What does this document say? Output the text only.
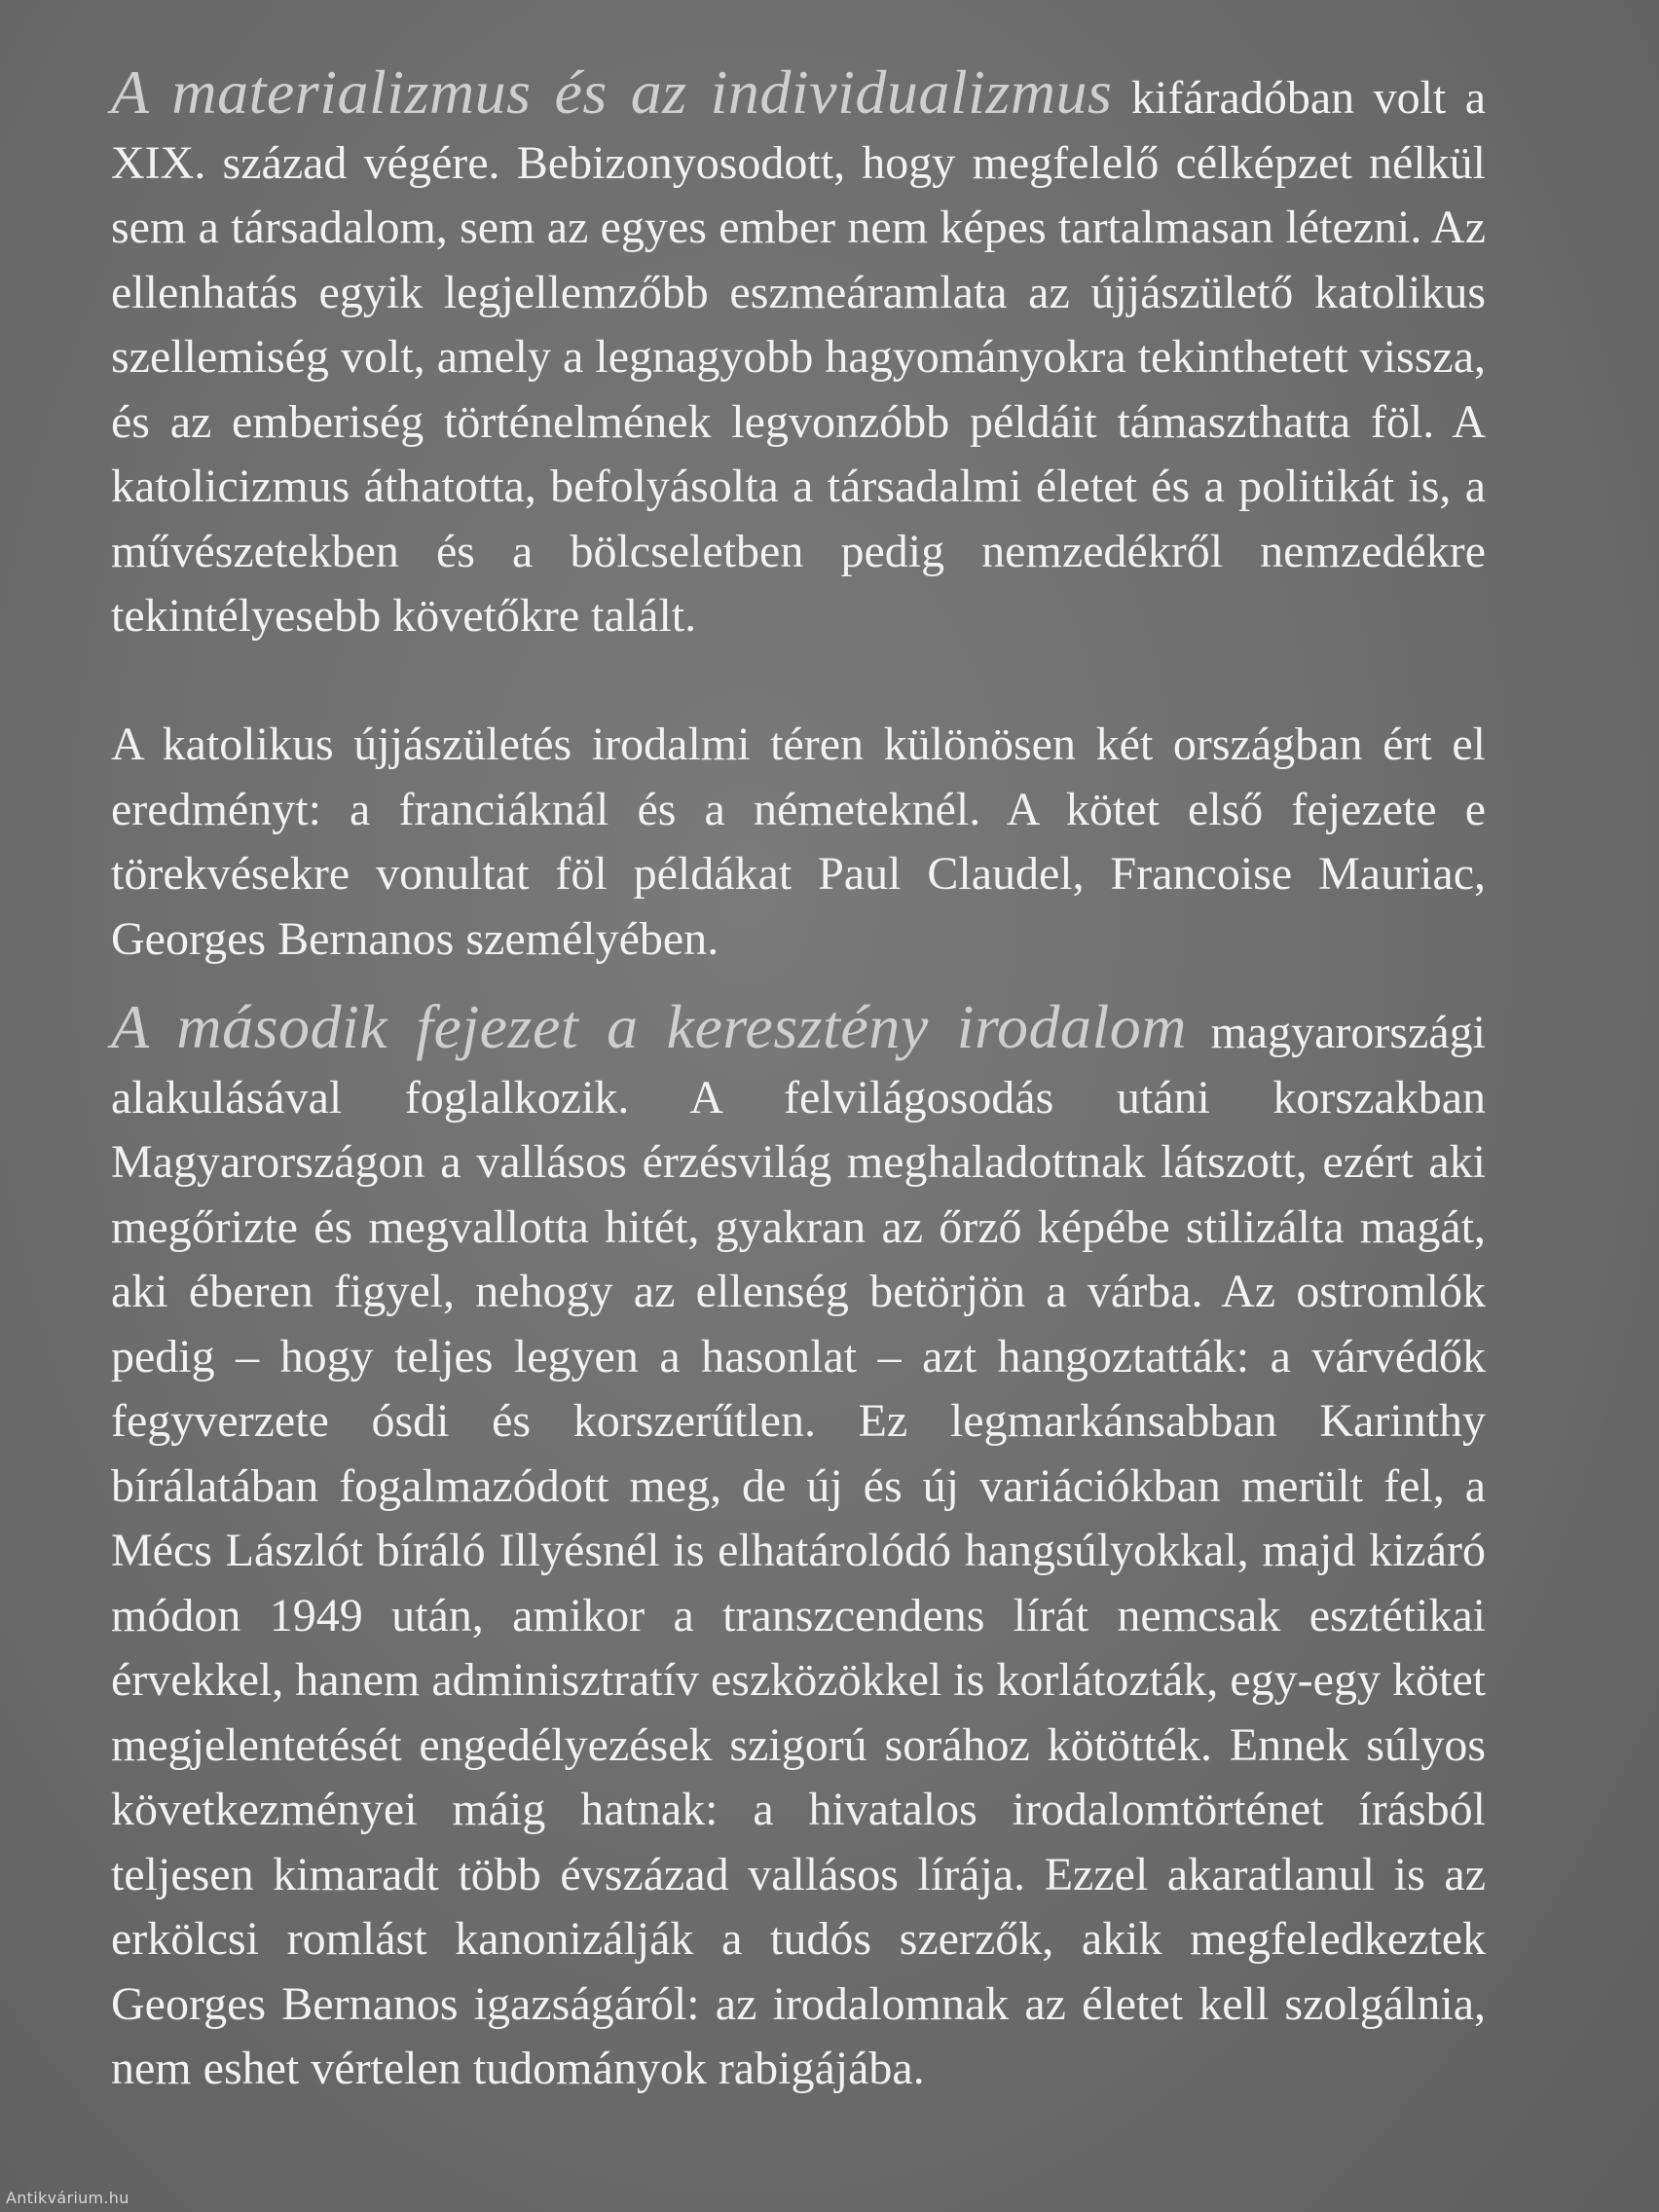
A materializmus és az individualizmus kifáradóban volt a XIX. század végére. Bebizonyosodott, hogy megfelelő célképzet nélkül sem a társadalom, sem az egyes ember nem képes tartalmasan létezni. Az ellenhatás egyik legjellemzőbb eszmeáramlata az újjászülető katolikus szellemiség volt, amely a legnagyobb hagyományokra tekinthetett vissza, és az emberiség történelmének legvonzóbb példáit támaszthatta föl. A katolicizmus áthatotta, befolyásolta a társadalmi életet és a politikát is, a művészetekben és a bölcseletben pedig nemzedékről nemzedékre tekintélyesebb követőkre talált.
A katolikus újjászületés irodalmi téren különösen két országban ért el eredményt: a franciáknál és a németeknél. A kötet első fejezete e törekvésekre vonultat föl példákat Paul Claudel, Francoise Mauriac, Georges Bernanos személyében.
A második fejezet a keresztény irodalom magyarországi alakulásával foglalkozik. A felvilágosodás utáni korszakban Magyarországon a vallásos érzésvilág meghaladottnak látszott, ezért aki megőrizte és megvallotta hitét, gyakran az őrző képébe stilizálta magát, aki éberen figyel, nehogy az ellenség betörjön a várba. Az ostromlók pedig – hogy teljes legyen a hasonlat – azt hangoztatták: a várvédők fegyverzete ósdi és korszerűtlen. Ez legmarkánsabban Karinthy bírálatában fogalmazódott meg, de új és új variációkban merült fel, a Mécs Lászlót bíráló Illyésnél is elhatárolódó hangsúlyokkal, majd kizáró módon 1949 után, amikor a transzcendens lírát nemcsak esztétikai érvekkel, hanem adminisztratív eszközökkel is korlátozták, egy-egy kötet megjelentetését engedélyezések szigorú sorához kötötték. Ennek súlyos következményei máig hatnak: a hivatalos irodalomtörténet írásból teljesen kimaradt több évszázad vallásos lírája. Ezzel akaratlanul is az erkölcsi romlást kanonizálják a tudós szerzők, akik megfeledkeztek Georges Bernanos igazságáról: az irodalomnak az életet kell szolgálnia, nem eshet vértelen tudományok rabigájába.
Antikvárium.hu
